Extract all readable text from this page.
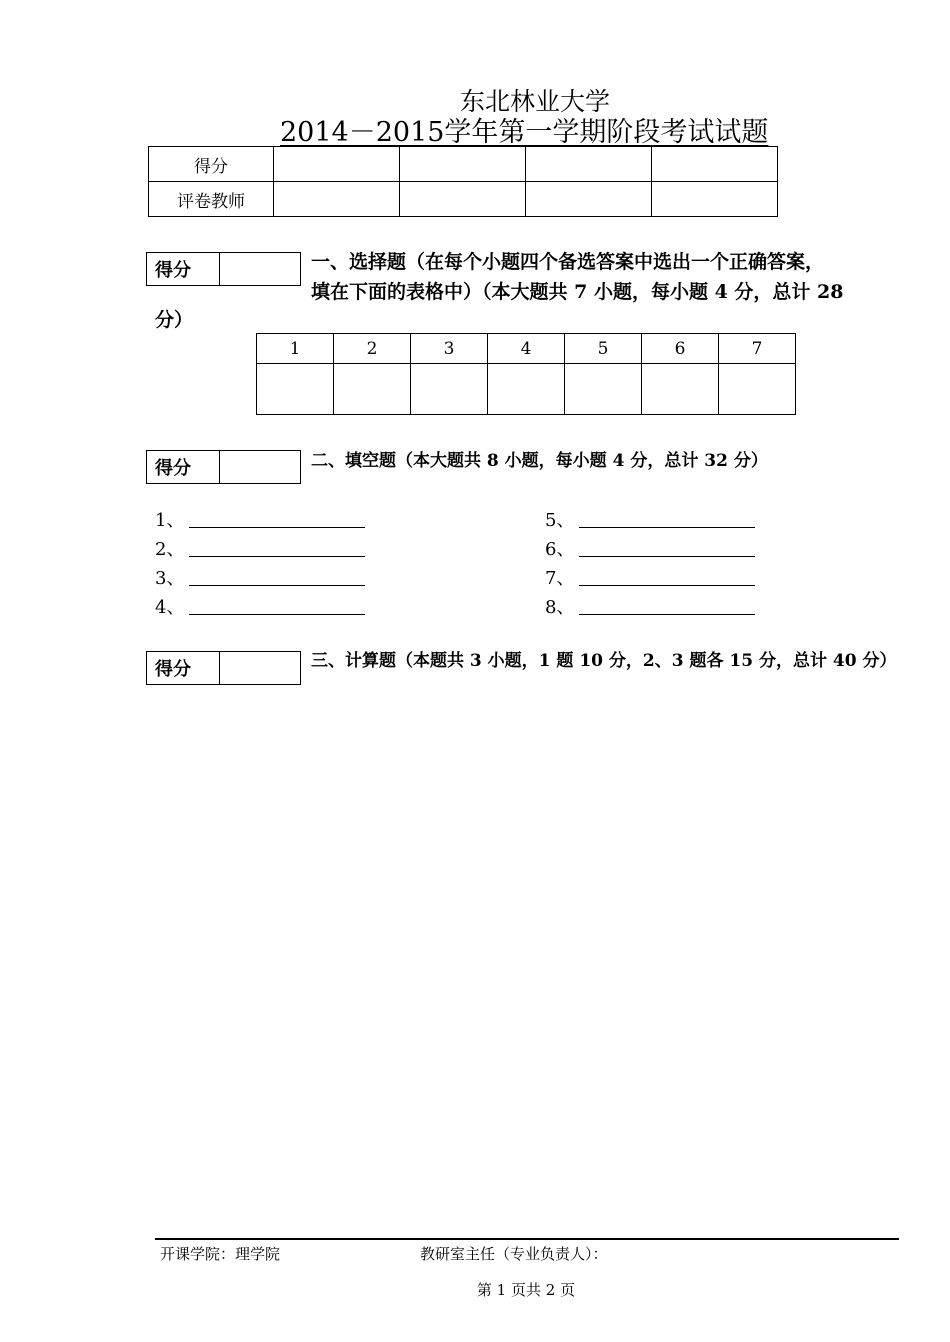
东北林业大学
2014－2015学年第一学期阶段考试试题
得分				
评卷教师				
得分		一、选择题（在每个小题四个备选答案中选出一个正确答案，
填在下面的表格中）（本大题共 7 小题，每小题 4 分，总计 28
分）
1	2	3	4	5	6	7

得分		二、填空题（本大题共 8 小题，每小题 4 分，总计 32 分）
1、
2、
3、
4、
5、
6、
7、
8、
得分		三、计算题（本题共 3 小题，1 题 10 分，2、3 题各 15 分，总计 40 分）
开课学院：理学院	教研室主任（专业负责人）：
第 1 页共 2 页
